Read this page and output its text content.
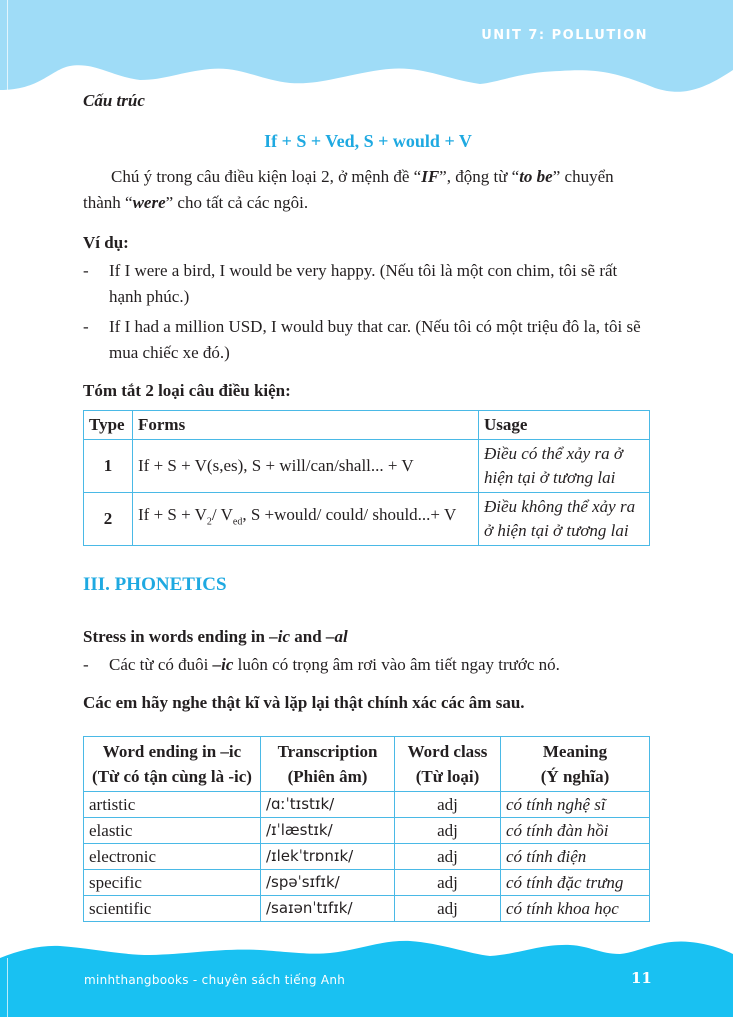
UNIT 7: POLLUTION

Cấu trúc

If + S + Ved, S + would + V
Chú ý trong câu điều kiện loại 2, ở mệnh đề “IF”, động từ “to be” chuyển thành “were” cho tất cả các ngôi.
Ví dụ:
- If I were a bird, I would be very happy. (Nếu tôi là một con chim, tôi sẽ rất hạnh phúc.)
- If I had a million USD, I would buy that car. (Nếu tôi có một triệu đô la, tôi sẽ mua chiếc xe đó.)
Tóm tắt 2 loại câu điều kiện:
Type	Forms	Usage
1	If + S + V(s,es), S + will/can/shall... + V	Điều có thể xảy ra ở hiện tại ở tương lai
2	$If + S + V_2/$ $V_{ed}$, S +would/ could/ should...+ V	Điều không thể xảy ra ở hiện tại ở tương lai
III. PHONETICS
Stress in words ending in –ic and –al
- Các từ có đuôi –ic luôn có trọng âm rơi vào âm tiết ngay trước nó.
Các em hãy nghe thật kĩ và lặp lại thật chính xác các âm sau.
Word ending in –ic
(Từ có tận cùng là -ic)

Transcription
(Phiên âm)

Word class
(Từ loại)

Meaning
(Ý nghĩa)

artistic	/ɑːˈtɪstɪk/	adj	có tính nghệ sĩ
elastic	/ɪˈlæstɪk/	adj	có tính đàn hồi
electronic	/ɪlekˈtrɒnɪk/	adj	có tính điện
specific	/spəˈsɪfɪk/	adj	có tính đặc trưng
scientific	/saɪənˈtɪfɪk/	adj	có tính khoa học
minhthangbooks - chuyên sách tiếng Anh	11
